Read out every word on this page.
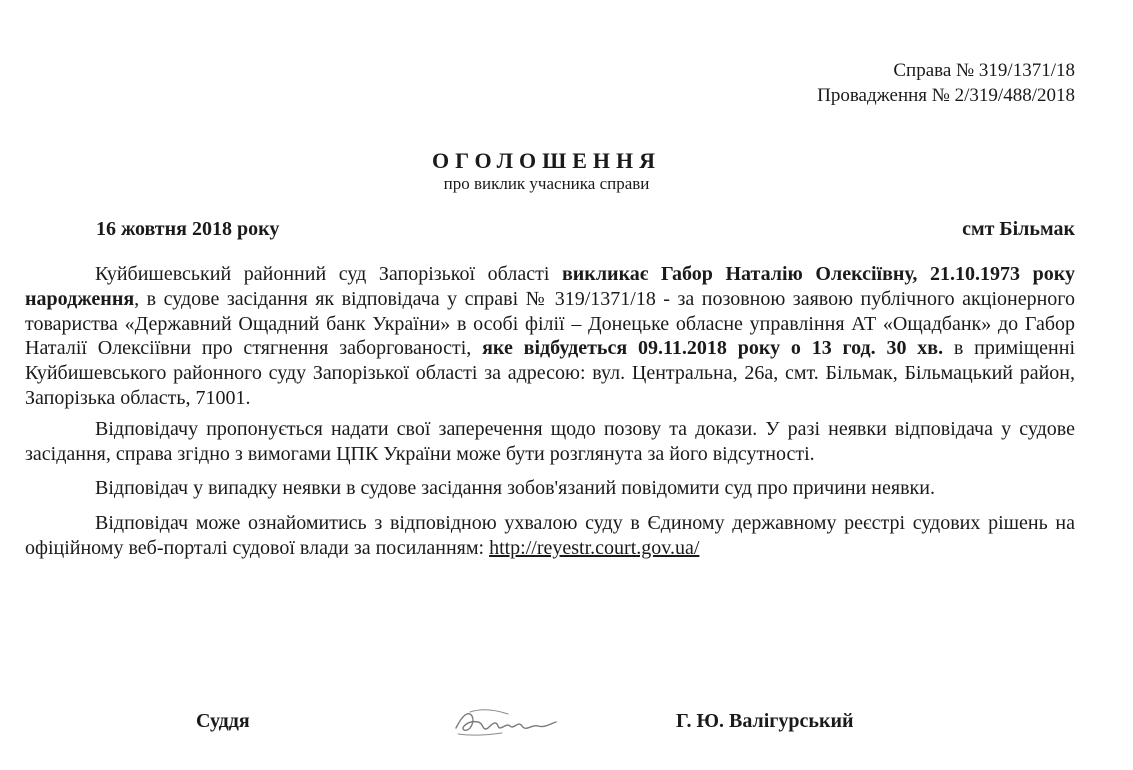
Справа № 319/1371/18
Провадження № 2/319/488/2018
ОГОЛОШЕННЯ
про виклик учасника справи
16 жовтня 2018 року	смт Більмак

Куйбишевський районний суд Запорізької області викликає Габор Наталію Олексіївну, 21.10.1973 року народження, в судове засідання як відповідача у справі № 319/1371/18 - за позовною заявою публічного акціонерного товариства «Державний Ощадний банк України» в особі філії – Донецьке обласне управління АТ «Ощадбанк» до Габор Наталії Олексіївни про стягнення заборгованості, яке відбудеться 09.11.2018 року о 13 год. 30 хв. в приміщенні Куйбишевського районного суду Запорізької області за адресою: вул. Центральна, 26а, смт. Більмак, Більмацький район, Запорізька область, 71001.

Відповідачу пропонується надати свої заперечення щодо позову та докази. У разі неявки відповідача у судове засідання, справа згідно з вимогами ЦПК України може бути розглянута за його відсутності.

Відповідач у випадку неявки в судове засідання зобов'язаний повідомити суд про причини неявки.

Відповідач може ознайомитись з відповідною ухвалою суду в Єдиному державному реєстрі судових рішень на офіційному веб-порталі судової влади за посиланням: http://reyestr.court.gov.ua/

Суддя	Г. Ю. Валігурський
